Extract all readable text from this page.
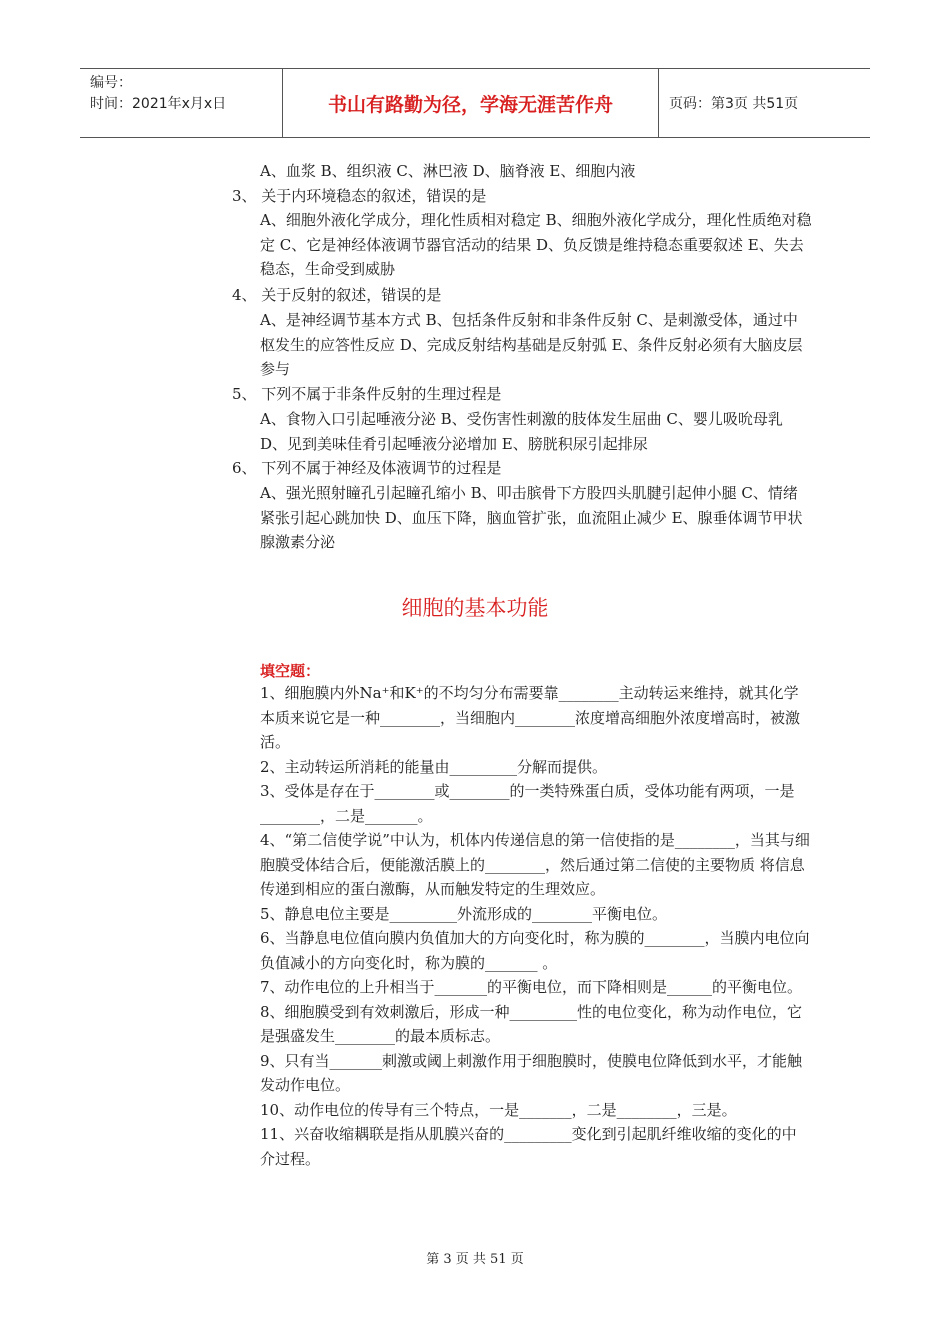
编号：
时间：2021年x月x日	书山有路勤为径，学海无涯苦作舟	页码：第3页 共51页
A、血浆 B、组织液 C、淋巴液 D、脑脊液 E、细胞内液
3、 关于内环境稳态的叙述，错误的是
A、细胞外液化学成分，理化性质相对稳定 B、细胞外液化学成分，理化性质绝对稳定 C、它是神经体液调节器官活动的结果 D、负反馈是维持稳态重要叙述 E、失去稳态，生命受到威胁
4、 关于反射的叙述，错误的是
A、是神经调节基本方式 B、包括条件反射和非条件反射 C、是刺激受体，通过中枢发生的应答性反应 D、完成反射结构基础是反射弧 E、条件反射必须有大脑皮层参与
5、 下列不属于非条件反射的生理过程是
A、食物入口引起唾液分泌 B、受伤害性刺激的肢体发生屈曲 C、婴儿吸吮母乳 D、见到美味佳肴引起唾液分泌增加 E、膀胱积尿引起排尿
6、 下列不属于神经及体液调节的过程是
A、强光照射瞳孔引起瞳孔缩小 B、叩击膑骨下方股四头肌腱引起伸小腿 C、情绪紧张引起心跳加快 D、血压下降，脑血管扩张，血流阻止减少 E、腺垂体调节甲状腺激素分泌
细胞的基本功能
填空题：

1、细胞膜内外Na⁺和K⁺的不均匀分布需要靠________主动转运来维持，就其化学本质来说它是一种________，当细胞内________浓度增高细胞外浓度增高时，被激活。

2、主动转运所消耗的能量由_________分解而提供。

3、受体是存在于________或________的一类特殊蛋白质，受体功能有两项，一是________，二是_______。

4、“第二信使学说”中认为，机体内传递信息的第一信使指的是________，当其与细胞膜受体结合后，便能激活膜上的________，然后通过第二信使的主要物质 将信息传递到相应的蛋白激酶，从而触发特定的生理效应。

5、静息电位主要是_________外流形成的________平衡电位。

6、当静息电位值向膜内负值加大的方向变化时，称为膜的________，当膜内电位向负值减小的方向变化时，称为膜的_______ 。

7、动作电位的上升相当于_______的平衡电位，而下降相则是______的平衡电位。

8、细胞膜受到有效刺激后，形成一种_________性的电位变化，称为动作电位，它是强盛发生________的最本质标志。

9、只有当_______刺激或阈上刺激作用于细胞膜时，使膜电位降低到水平，才能触发动作电位。

10、动作电位的传导有三个特点，一是_______，二是________，三是。

11、兴奋收缩耦联是指从肌膜兴奋的_________变化到引起肌纤维收缩的变化的中介过程。

第 3 页 共 51 页
